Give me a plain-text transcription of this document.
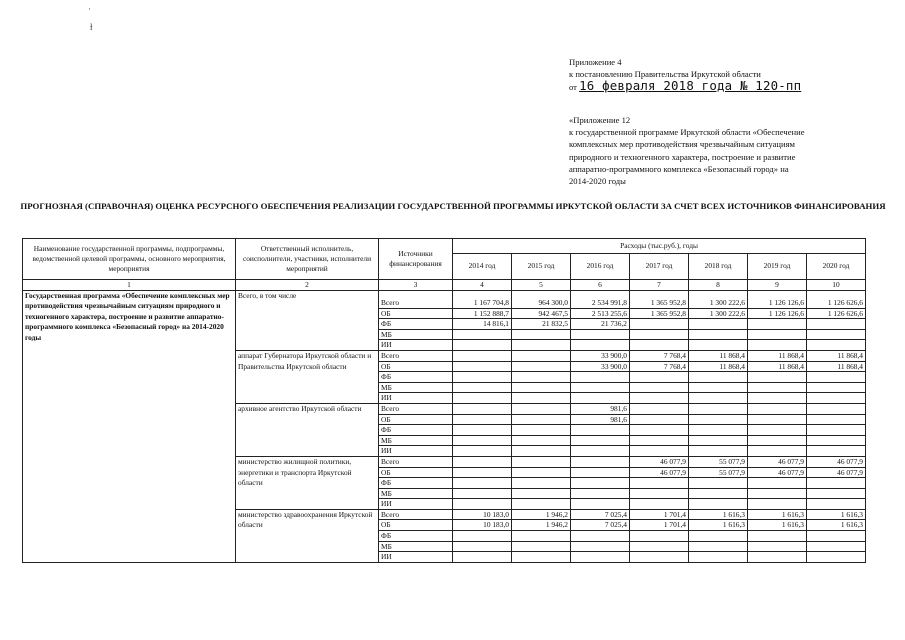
·
ɫ
Приложение 4
к постановлению Правительства Иркутской области
от 16 февраля 2018 года № 120-пп
«Приложение 12
к государственной программе Иркутской области «Обеспечение
комплексных мер противодействия чрезвычайным ситуациям
природного и техногенного характера, построение и развитие
аппаратно-программного комплекса «Безопасный город» на
2014-2020 годы
ПРОГНОЗНАЯ (СПРАВОЧНАЯ) ОЦЕНКА РЕСУРСНОГО ОБЕСПЕЧЕНИЯ РЕАЛИЗАЦИИ ГОСУДАРСТВЕННОЙ ПРОГРАММЫ ИРКУТСКОЙ ОБЛАСТИ ЗА СЧЕТ ВСЕХ ИСТОЧНИКОВ ФИНАНСИРОВАНИЯ
Наименование государственной программы, подпрограммы, ведомственной целевой программы, основного мероприятия, мероприятия	Ответственный исполнитель, соисполнители, участники, исполнители мероприятий	Источники финансирования	Расходы (тыс.руб.), годы						
			2014 год	2015 год	2016 год	2017 год	2018 год	2019 год	2020 год
1	2	3	4	5	6	7	8	9	10
Государственная программа «Обеспечение комплексных мер противодействия чрезвычайным ситуациям природного и техногенного характера, построение и развитие аппаратно-программного комплекса «Безопасный город» на 2014-2020 годы	Всего, в том числе	Всего	1 167 704,8	964 300,0	2 534 991,8	1 365 952,8	1 300 222,6	1 126 126,6	1 126 626,6
		ОБ	1 152 888,7	942 467,5	2 513 255,6	1 365 952,8	1 300 222,6	1 126 126,6	1 126 626,6
		ФБ	14 816,1	21 832,5	21 736,2				
		МБ							
		ИИ							
	аппарат Губернатора Иркутской области и Правительства Иркутской области	Всего			33 900,0	7 768,4	11 868,4	11 868,4	11 868,4
		ОБ			33 900,0	7 768,4	11 868,4	11 868,4	11 868,4
		ФБ							
		МБ							
		ИИ							
	архивное агентство Иркутской области	Всего			981,6				
		ОБ			981,6				
		ФБ							
		МБ							
		ИИ							
	министерство жилищной политики, энергетики и транспорта Иркутской области	Всего				46 077,9	55 077,9	46 077,9	46 077,9
		ОБ				46 077,9	55 077,9	46 077,9	46 077,9
		ФБ							
		МБ							
		ИИ							
	министерство здравоохранения Иркутской области	Всего	10 183,0	1 946,2	7 025,4	1 701,4	1 616,3	1 616,3	1 616,3
		ОБ	10 183,0	1 946,2	7 025,4	1 701,4	1 616,3	1 616,3	1 616,3
		ФБ							
		МБ							
		ИИ							
